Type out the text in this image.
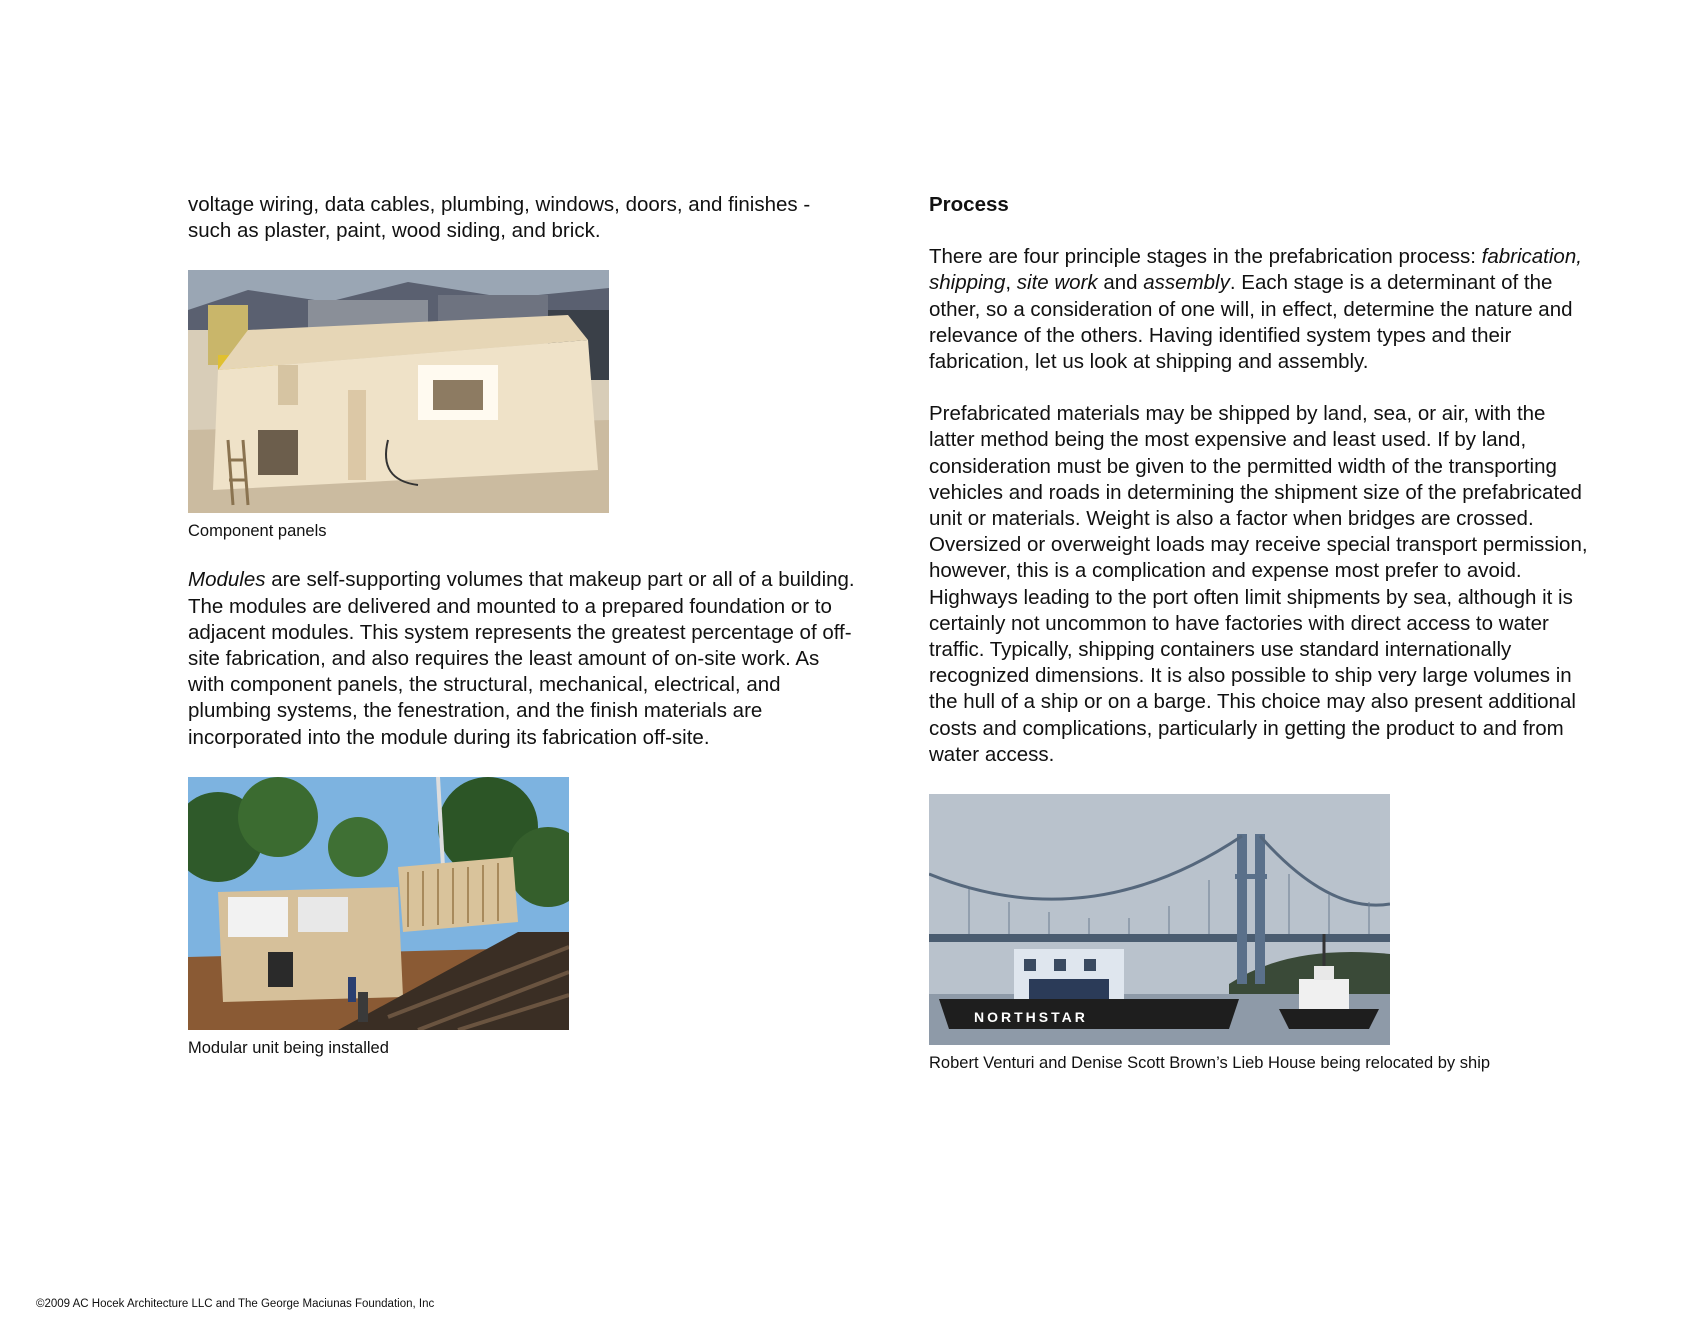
voltage wiring, data cables, plumbing, windows, doors, and finishes - such as plaster, paint, wood siding, and brick.

Component panels

Modules are self-supporting volumes that makeup part or all of a building. The modules are delivered and mounted to a prepared foundation or to adjacent modules. This system represents the greatest percentage of off-site fabrication, and also requires the least amount of on-site work. As with component panels, the structural, mechanical, electrical, and plumbing systems, the fenestration, and the finish materials are incorporated into the module during its fabrication off-site.

Modular unit being installed

Process

There are four principle stages in the prefabrication process: fabrication, shipping, site work and assembly. Each stage is a determinant of the other, so a consideration of one will, in effect, determine the nature and relevance of the others. Having identified system types and their fabrication, let us look at shipping and assembly.

Prefabricated materials may be shipped by land, sea, or air, with the latter method being the most expensive and least used. If by land, consideration must be given to the permitted width of the transporting vehicles and roads in determining the shipment size of the prefabricated unit or materials. Weight is also a factor when bridges are crossed. Oversized or overweight loads may receive special transport permission, however, this is a complication and expense most prefer to avoid. Highways leading to the port often limit shipments by sea, although it is certainly not uncommon to have factories with direct access to water traffic. Typically, shipping containers use standard internationally recognized dimensions. It is also possible to ship very large volumes in the hull of a ship or on a barge. This choice may also present additional costs and complications, particularly in getting the product to and from water access.

NORTHSTAR

Robert Venturi and Denise Scott Brown’s Lieb House being relocated by ship

©2009 AC Hocek Architecture LLC and The George Maciunas Foundation, Inc
